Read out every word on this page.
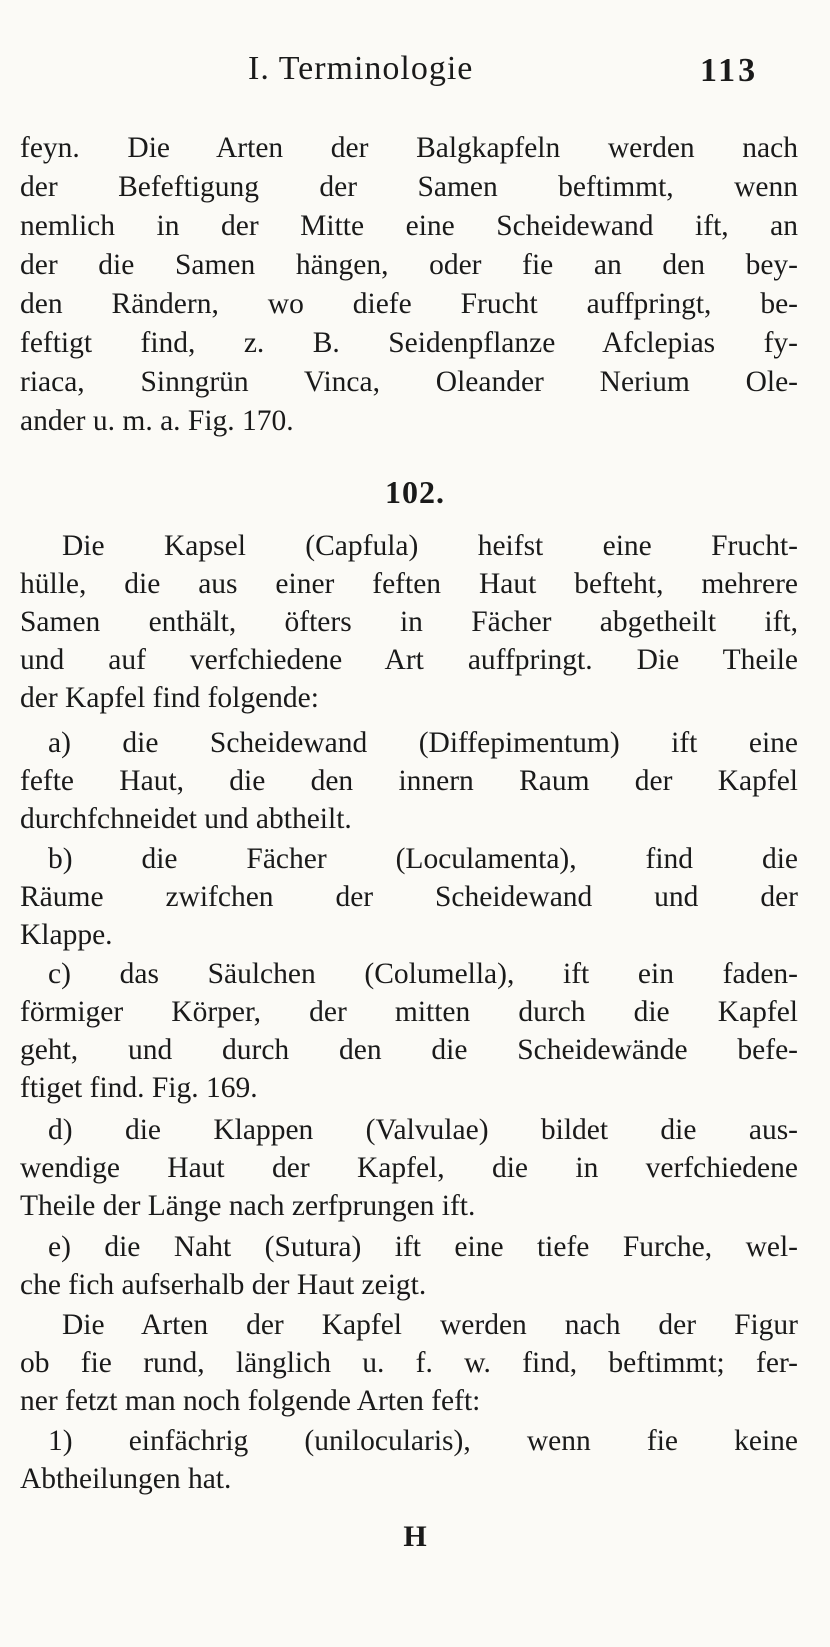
I. Terminologie	113
feyn. Die Arten der Balgkapfeln werden nach
der Befeftigung der Samen beftimmt, wenn
nemlich in der Mitte eine Scheidewand ift, an
der die Samen hängen, oder fie an den bey-
den Rändern, wo diefe Frucht auffpringt, be-
feftigt find, z. B. Seidenpflanze Afclepias fy-
riaca, Sinngrün Vinca, Oleander Nerium Ole-
ander u. m. a. Fig. 170.
102.
Die Kapsel (Capfula) heifst eine Frucht-
hülle, die aus einer feften Haut befteht, mehrere
Samen enthält, öfters in Fächer abgetheilt ift,
und auf verfchiedene Art auffpringt. Die Theile
der Kapfel find folgende:
a) die Scheidewand (Diffepimentum) ift eine
fefte Haut, die den innern Raum der Kapfel
durchfchneidet und abtheilt.
b) die Fächer (Loculamenta), find die
Räume zwifchen der Scheidewand und der
Klappe.
c) das Säulchen (Columella), ift ein faden-
förmiger Körper, der mitten durch die Kapfel
geht, und durch den die Scheidewände befe-
ftiget find. Fig. 169.
d) die Klappen (Valvulae) bildet die aus-
wendige Haut der Kapfel, die in verfchiedene
Theile der Länge nach zerfprungen ift.
e) die Naht (Sutura) ift eine tiefe Furche, wel-
che fich aufserhalb der Haut zeigt.
Die Arten der Kapfel werden nach der Figur
ob fie rund, länglich u. f. w. find, beftimmt; fer-
ner fetzt man noch folgende Arten feft:
1) einfächrig (unilocularis), wenn fie keine
Abtheilungen hat.
H
